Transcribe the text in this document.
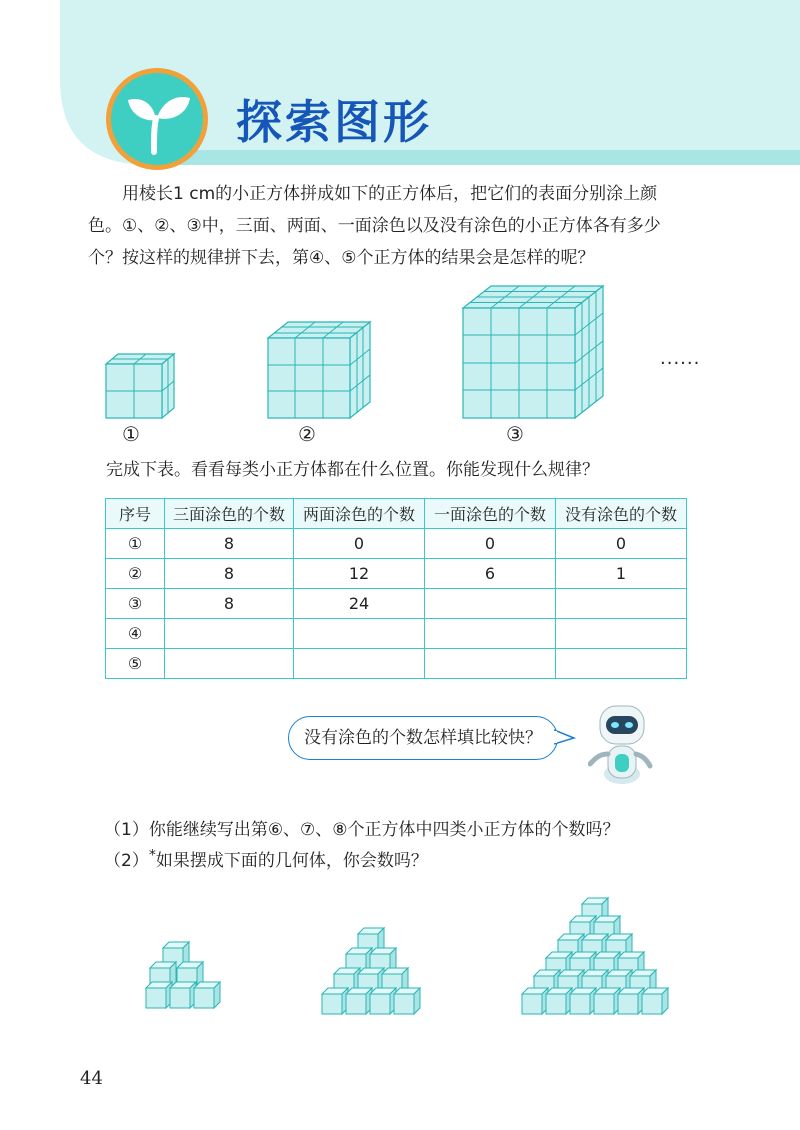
探索图形

用棱长1 cm的小正方体拼成如下的正方体后，把它们的表面分别涂上颜

色。①、②、③中，三面、两面、一面涂色以及没有涂色的小正方体各有多少

个？按这样的规律拼下去，第④、⑤个正方体的结果会是怎样的呢？

①	②	③
......
完成下表。看看每类小正方体都在什么位置。你能发现什么规律？
序号	三面涂色的个数	两面涂色的个数	一面涂色的个数	没有涂色的个数
①	8	0	0	0
②	8	12	6	1
③	8	24		
④				
⑤				
没有涂色的个数怎样填比较快？
（1）你能继续写出第⑥、⑦、⑧个正方体中四类小正方体的个数吗？
（2）*如果摆成下面的几何体，你会数吗？
44
